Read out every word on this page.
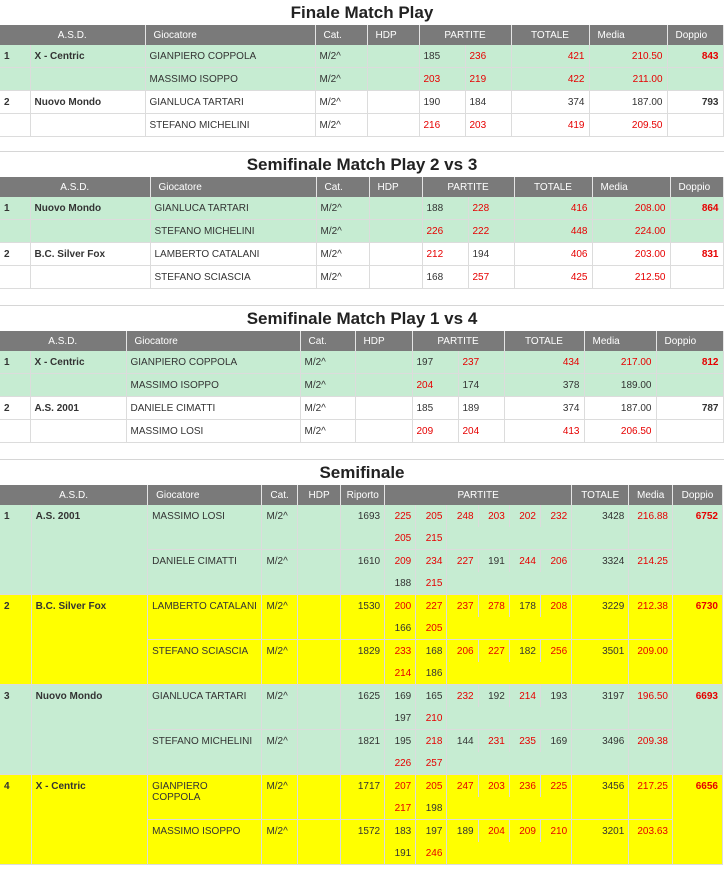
Finale Match Play
A.S.D.		Giocatore	Cat.	HDP	PARTITE		TOTALE	Media	Doppio
1	X - Centric	GIANPIERO COPPOLA	M/2^		185	236	421	210.50	843
		MASSIMO ISOPPO	M/2^		203	219	422	211.00	
2	Nuovo Mondo	GIANLUCA TARTARI	M/2^		190	184	374	187.00	793
		STEFANO MICHELINI	M/2^		216	203	419	209.50	
Semifinale Match Play 2 vs 3
A.S.D.		Giocatore	Cat.	HDP	PARTITE		TOTALE	Media	Doppio
1	Nuovo Mondo	GIANLUCA TARTARI	M/2^		188	228	416	208.00	864
		STEFANO MICHELINI	M/2^		226	222	448	224.00	
2	B.C. Silver Fox	LAMBERTO CATALANI	M/2^		212	194	406	203.00	831
		STEFANO SCIASCIA	M/2^		168	257	425	212.50	
Semifinale Match Play 1 vs 4
A.S.D.		Giocatore	Cat.	HDP	PARTITE		TOTALE	Media	Doppio
1	X - Centric	GIANPIERO COPPOLA	M/2^		197	237	434	217.00	812
		MASSIMO ISOPPO	M/2^		204	174	378	189.00	
2	A.S. 2001	DANIELE CIMATTI	M/2^		185	189	374	187.00	787
		MASSIMO LOSI	M/2^		209	204	413	206.50	
Semifinale
A.S.D.		Giocatore	Cat.	HDP	Riporto	PARTITE						TOTALE	Media	Doppio
1	A.S. 2001	MASSIMO LOSI	M/2^		1693	225	205	248	203	202	232	3428	216.88	6752
						205	215							
		DANIELE CIMATTI	M/2^		1610	209	234	227	191	244	206	3324	214.25	
						188	215							
2	B.C. Silver Fox	LAMBERTO CATALANI	M/2^		1530	200	227	237	278	178	208	3229	212.38	6730
						166	205							
		STEFANO SCIASCIA	M/2^		1829	233	168	206	227	182	256	3501	209.00	
						214	186							
3	Nuovo Mondo	GIANLUCA TARTARI	M/2^		1625	169	165	232	192	214	193	3197	196.50	6693
						197	210							
		STEFANO MICHELINI	M/2^		1821	195	218	144	231	235	169	3496	209.38	
						226	257							
4	X - Centric	GIANPIERO COPPOLA	M/2^		1717	207	205	247	203	236	225	3456	217.25	6656
						217	198							
		MASSIMO ISOPPO	M/2^		1572	183	197	189	204	209	210	3201	203.63	
						191	246							
